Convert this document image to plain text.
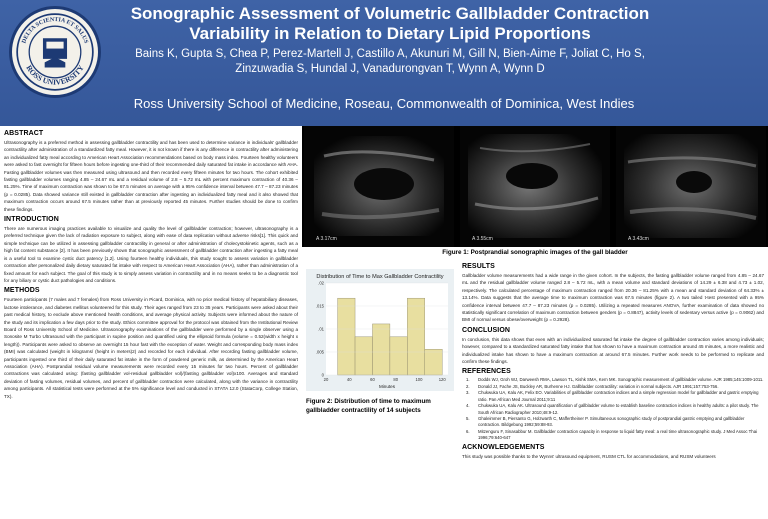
DELTA SCIENTIA ET SALUS
ROSS UNIVERSITY
Sonographic Assessment of Volumetric Gallbladder Contraction
Variability in Relation to Dietary Lipid Proportions
Bains K, Gupta S, Chea P, Perez-Martell J, Castillo A, Akunuri M, Gill N, Bien-Aime F, Joliat C, Ho S,
Zinzuwadia S, Hundal J, Vanadurongvan T, Wynn A, Wynn D
Ross University School of Medicine, Roseau, Commonwealth of Dominica, West Indies
ABSTRACT

Ultrasonography is a preferred method in assessing gallbladder contractility and has been used to determine variance in individuals' gallbladder contractility after administration of a standardized fatty meal. However, it is not known if there is any difference in contractility after administering an individualized fatty meal according to American Heart Association recommendations based on body mass index. Fourteen healthy volunteers were asked to fast overnight for fifteen hours before ingesting one-third of their recommended daily saturated fat intake in accordance with AHA. Fasting gallbladder volumes was then measured using ultrasound and then recorded every fifteen minutes for two hours. The cohort exhibited fasting gallbladder volumes ranging 4.85 – 24.67 mL and a residual volume of 2.8 – 5.72 mL with percent maximum contraction of 40.36 – 81.25%. Time of maximum contraction was shown to be 67.5 minutes on average with a 95% confidence interval between 47.7 – 87.23 minutes (p = 0.0285). Data showed variance still existed in gallbladder contraction after ingesting an individualized fatty meal and it also showed that maximum contraction occurs around 67.5 minutes rather than at previously reported 45 minutes. Further studies should be done to confirm these findings.

INTRODUCTION

There are numerous imaging practices available to visualize and quality the level of gallbladder contraction; however, ultrasonography is a preferred technique given the lack of radiation exposure to subject, along with ease of data replication without adverse risks[1]. This quick and simple technique can be utilized in assessing gallbladder contractility in general or after administration of cholecystokinetic agents, such as a high fat content substance [2]. It has been previously shown that sonographic assessment of gallbladder contraction after ingesting a fatty meal is a useful tool to examine cystic duct patency [1,2]. Using fourteen healthy individuals, this study sought to assess variation in gallbladder contraction after personalized daily dietary saturated fat intake with respect to American Heart Association (AHA), rather than administration of a fixed amount for each subject. The goal of this study is to simply assess variation in contractility and in no means seeks to be a diagnostic tool for any biliary or cystic duct pathologies and conditions.

METHODS

Fourteen participants (7 males and 7 females) from Ross University in Picard, Dominica, with no prior medical history of hepatobiliary diseases, lactose intolerance, and diabetes mellitus volunteered for this study. Their ages ranged from 23 to 35 years. Participants were asked about their past medical history, to exclude above mentioned health conditions, and average physical activity. Subjects were informed about the nature of the study and its implication a few days prior to the study. Ethics committee approval for the protocol was obtained from the Institutional Review Board of Ross University School of Medicine. Ultrasonography examinations of the gallbladder were performed by a single observer using a Sonosite M Turbo Ultrasound with the participant in supine position and quantified using the ellipsoid formula (volume = 0.52(width x height x length)). Participants were asked to observe an overnight 15 hour fast with the exception of water. Weight and corresponding body mass index (BMI) was calculated (weight in kilograms/ (height in meters)2) and recorded for each individual. After recording fasting gallbladder volume, participants ingested one third of their daily saturated fat intake in the form of powdered generic milk, as determined by the American Heart Association (AHA). Postprandial residual volume measurements were recorded every 15 minutes for two hours. Percent of gallbladder contractions was calculated using: (fasting gallbladder vol-residual gallbladder vol)/(fasting gallbladder vol)x100. Averages and standard deviation of fasting volumes, residual volumes, and percent of gallbladder contraction were calculated, along with the variance in contractility among participants. All statistical tests were performed at the 5% significance level and conducted in STATA 12.0 (StataCorp, College Station, TX).

A 3.17cm	A 3.55cm	A 3.43cm
Figure 1: Postprandial sonographic images of the gall bladder
Distribution of Time to Max Gallbladder Contractility
0
.005
.01
.015
.02
20	40	60	80	100	120
Minutes
Figure 2: Distribution of time to maximum gallbladder contractility of 14 subjects
RESULTS

Gallbladder volume measurements had a wide range in the given cohort. In the subjects, the fasting gallbladder volume ranged from 4.85 – 24.67 mL and the residual gallbladder volume ranged 2.8 – 5.72 mL, with a mean volume and standard deviations of 14.29 ± 6.38 and 4.73 ± 1.02, respectively. The calculated percentage of maximum contraction ranged from 20.36 – 81.25% with a mean and standard deviation of 64.33% ± 13.14%. Data suggests that the average time to maximum contraction was 67.5 minutes (figure 2). A two tailed t-test presented with a 95% confidence interval between 47.7 – 87.23 minutes (p = 0.0285). Utilizing a repeated measures ANOVA, further examination of data showed no statistically significant correlation of maximum contraction between genders (p = 0.8847), activity levels of sedentary versus active (p = 0.9062) and BMI of normal versus obese/overweight (p = 0.2928).

CONCLUSION

In conclusion, this data shows that even with an individualized saturated fat intake the degree of gallbladder contraction varies among individuals; however, compared to a standardized saturated fatty intake that has shown to have a maximum contraction around 45 minutes, a more realistic and individualized intake has shown to have a maximum contraction at around 67.5 minutes. Further work needs to be performed to replicate and confirm these findings.

REFERENCES
1.	Dodds WJ, Groh WJ, Darweesh RMA, Lawson TL, Kishk SMA, Kern MK. Sonographic measurement of gallbladder volume. AJR 1985;145:1009-1011.
2.	Donald JJ, Fache JS, Buckley AR, Burhenne HJ. Gallbladder contractility: variation in normal subjects. AJR 1991;157:753-756.
3.	Chukwuka UA, Kalu AK, Felix EO. Variabilities of gallbladder contraction indices and a simple regression model for gallbladder and gastric emptying ratio. Pan African Med Journal 2011;9:11
4.	Chukwuka UA, Kalu AK. Ultrasound quantification of gallbladder volume to establish baseline contraction indices in healthy adults: a pilot study. The South African Radiographer 2010;48:9-12.
5.	Ghaleimmer B, Piersanto G, Holzwarth C, Maffertheiner P. Simultaneous sonographic study of postprandial gastric emptying and gallbladder contraction. Bildgebung 1992;59:88-93.
6.	Mitzenguru F, Sinasabbur M. Gallbladder contraction capacity in response to liquid fatty meal: a real time ultrasonographic study. J Med Assoc Thai 1996;79:640-647
ACKNOWLEDGEMENTS

This study was possible thanks to the Wynns' ultrasound equipment, RUSM CTL for accommodations, and RUSM volunteers
